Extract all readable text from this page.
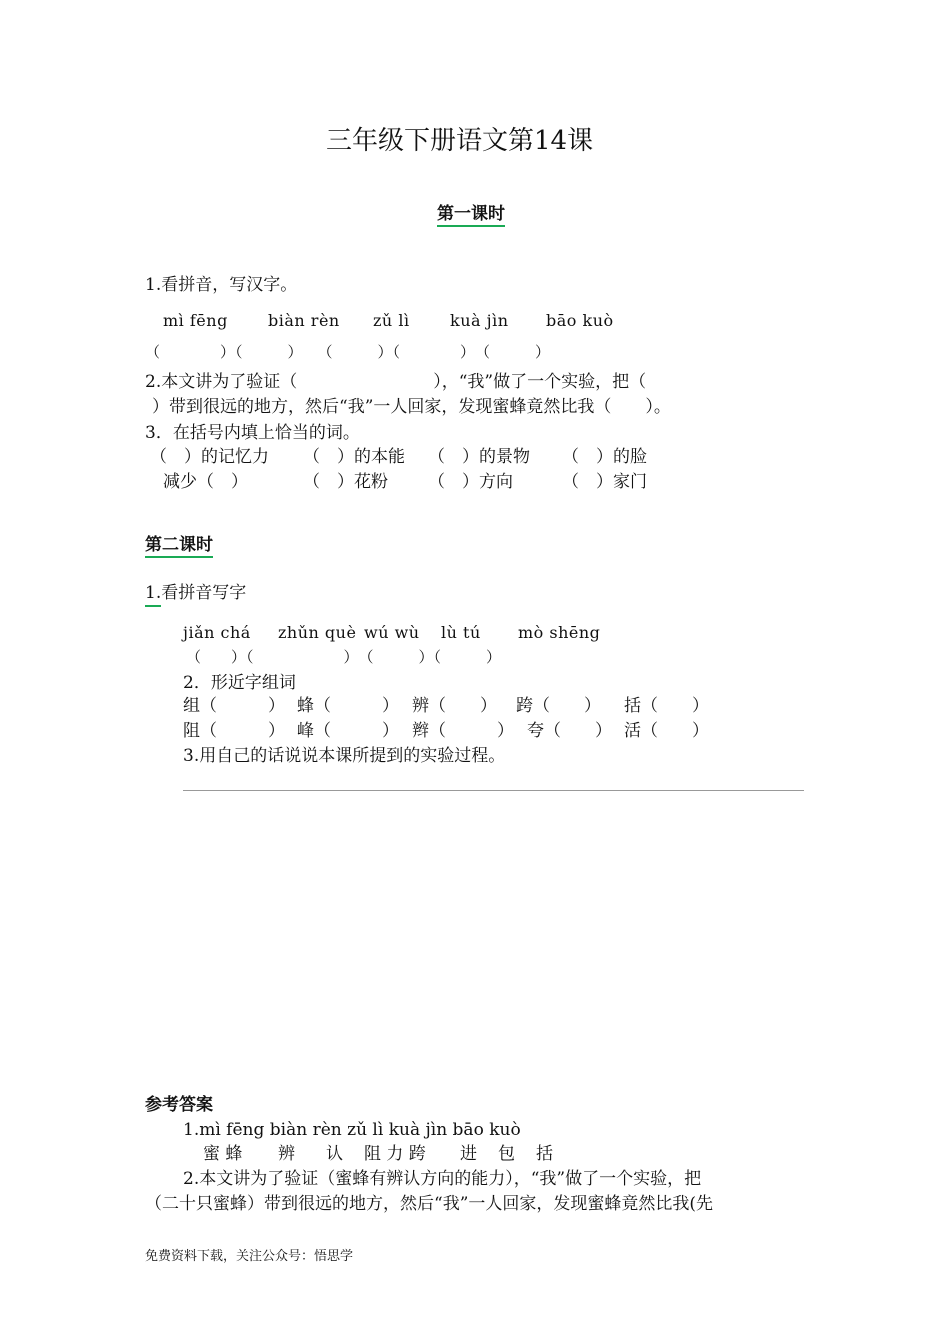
三年级下册语文第14课
第一课时
1.看拼音，写汉字。
mì fēng	biàn rèn zǔ lì	kuà jìn bāo kuò
（　　　　）（　　　）　　（　　　）（　　　　）　（　　　）
2.本文讲为了验证（　　　　　　　　），“我”做了一个实验，把（
）带到很远的地方，然后“我”一人回家，发现蜜蜂竟然比我（　　）。
3．在括号内填上恰当的词。
（　）的记忆力 （　）的本能 （　）的景物 （　）的脸
减少（　）	（　）花粉 （　）方向	（　）家门
第二课时
1.看拼音写字
jiǎn chá zhǔn què wú wù lù tú mò shēng
（　　）（　　　　　　）　（　　　）（　　　）
2．形近字组词
组（　　　） 蜂（　　　） 辨（　　） 跨（　　） 括（　　）
阻（　　　） 峰（　　　） 辫（　　　） 夸（　　） 活（　　）
3.用自己的话说说本课所提到的实验过程。
参考答案
1.mì fēng biàn rèn zǔ lì kuà jìn bāo kuò
蜜 蜂 辨 认 阻 力 跨 进 包 括
2.本文讲为了验证（蜜蜂有辨认方向的能力），“我”做了一个实验，把
（二十只蜜蜂）带到很远的地方，然后“我”一人回家，发现蜜蜂竟然比我(先
免费资料下载，关注公众号：悟思学
